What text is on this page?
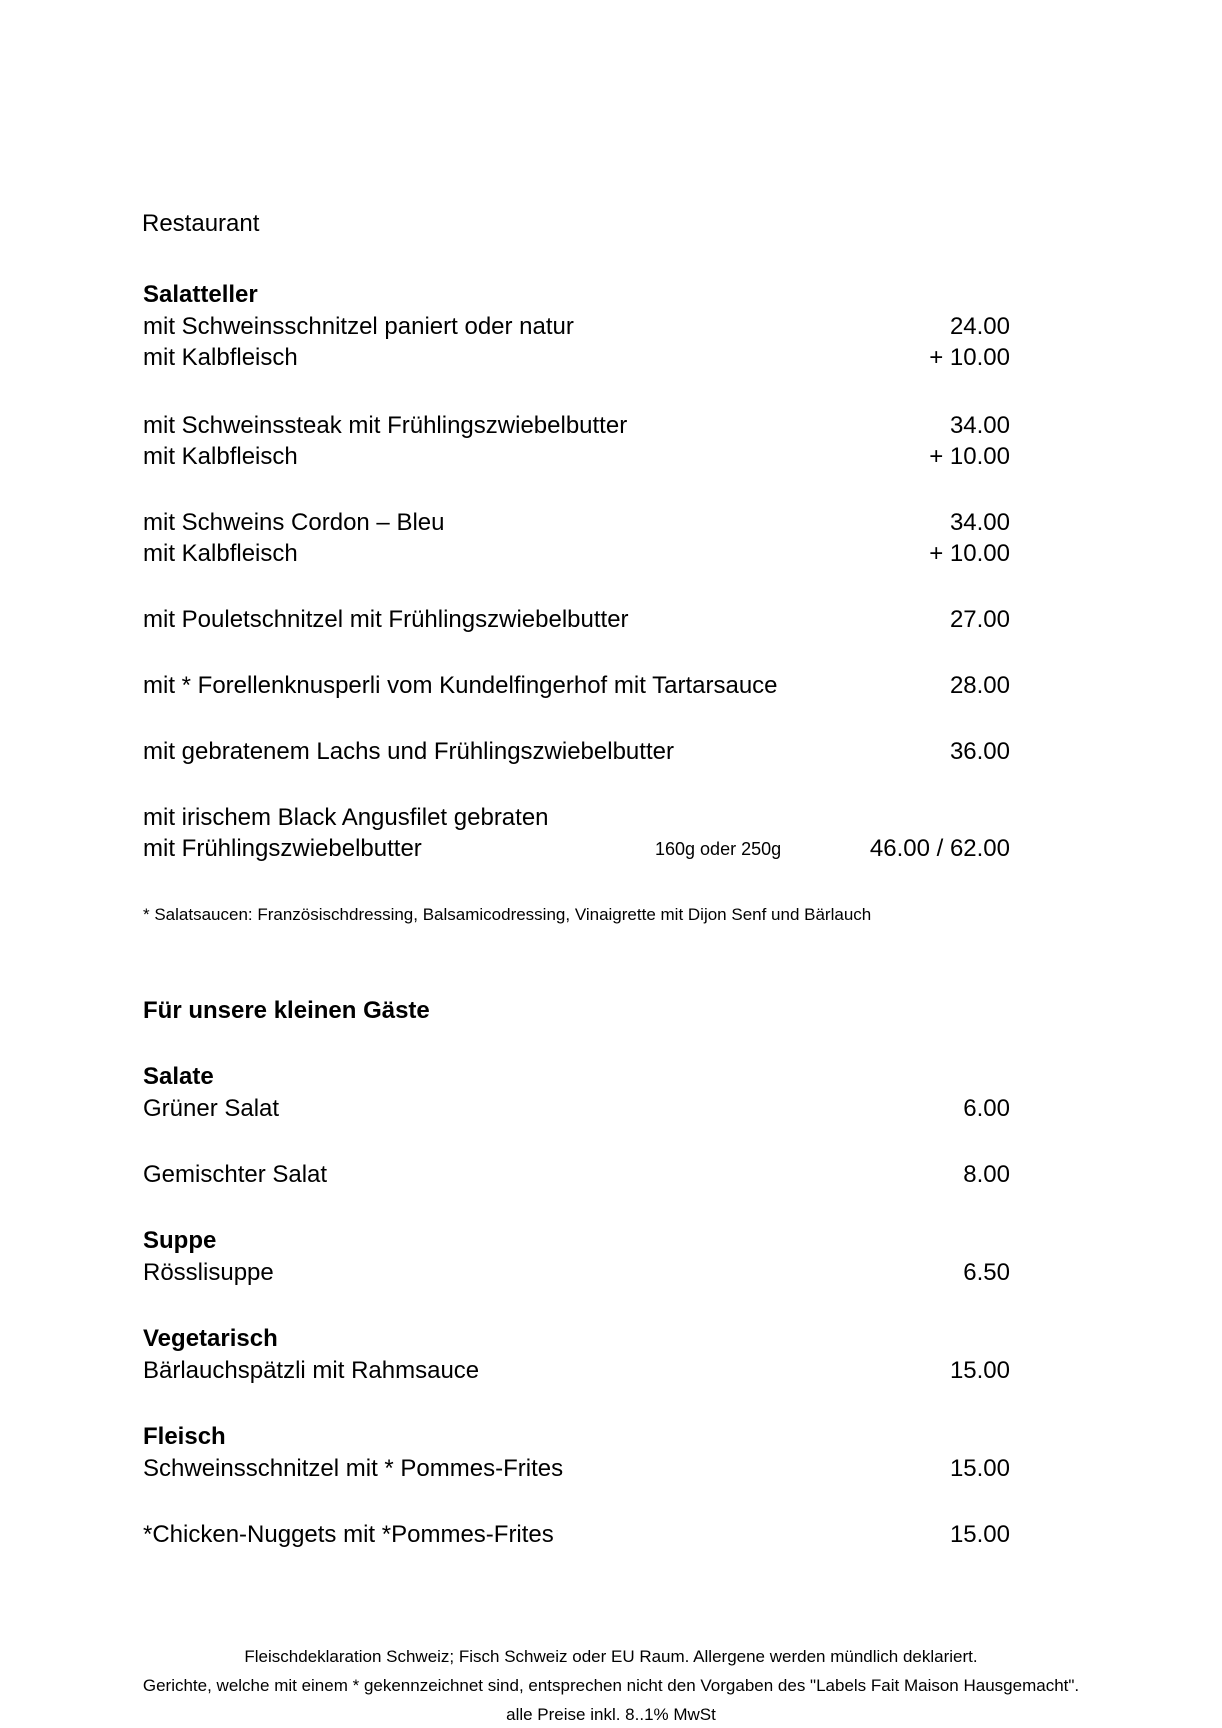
Restaurant
Salatteller
mit Schweinsschnitzel paniert oder natur	24.00
mit Kalbfleisch	+ 10.00
mit Schweinssteak mit Frühlingszwiebelbutter	34.00
mit Kalbfleisch	+ 10.00
mit Schweins Cordon – Bleu	34.00
mit Kalbfleisch	+ 10.00
mit Pouletschnitzel mit Frühlingszwiebelbutter	27.00
mit * Forellenknusperli vom Kundelfingerhof mit Tartarsauce	28.00
mit gebratenem Lachs und Frühlingszwiebelbutter	36.00
mit irischem Black Angusfilet gebraten
mit Frühlingszwiebelbutter	160g oder 250g	46.00 / 62.00
* Salatsaucen: Französischdressing, Balsamicodressing, Vinaigrette mit Dijon Senf und Bärlauch
Für unsere kleinen Gäste
Salate
Grüner Salat	6.00
Gemischter Salat	8.00
Suppe
Rösslisuppe	6.50
Vegetarisch
Bärlauchspätzli mit Rahmsauce	15.00
Fleisch
Schweinsschnitzel mit * Pommes-Frites	15.00
*Chicken-Nuggets mit *Pommes-Frites	15.00
Fleischdeklaration Schweiz; Fisch Schweiz oder EU Raum. Allergene werden mündlich deklariert.
Gerichte, welche mit einem * gekennzeichnet sind, entsprechen nicht den Vorgaben des "Labels Fait Maison Hausgemacht".
alle Preise inkl. 8..1% MwSt
